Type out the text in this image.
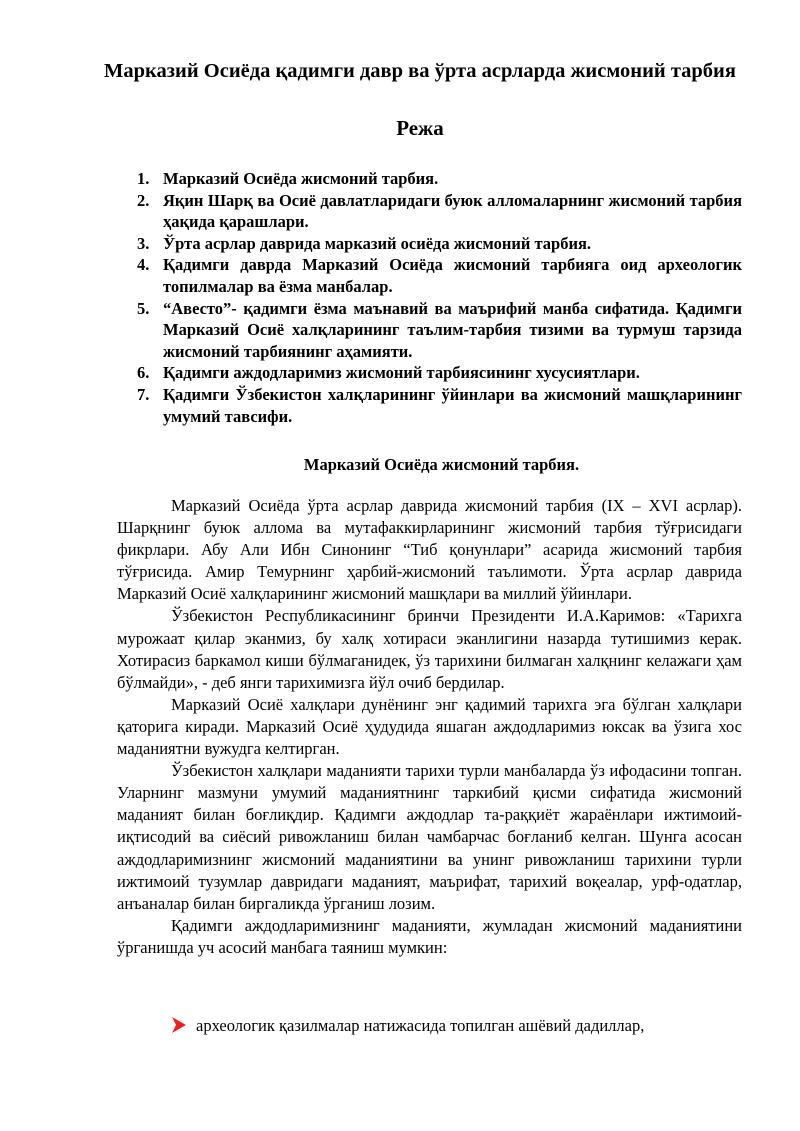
Марказий Осиёда қадимги давр ва ўрта асрларда жисмоний тарбия
Режа
1. Марказий Осиёда жисмоний тарбия.
2. Яқин Шарқ ва Осиё давлатларидаги буюк алломаларнинг жисмоний тарбия ҳақида қарашлари.
3. Ўрта асрлар даврида марказий осиёда жисмоний тарбия.
4. Қадимги даврда Марказий Осиёда жисмоний тарбияга оид археологик топилмалар ва ёзма манбалар.
5. “Авесто”- қадимги ёзма маънавий ва маърифий манба сифатида. Қадимги Марказий Осиё халқларининг таълим-тарбия тизими ва турмуш тарзида жисмоний тарбиянинг аҳамияти.
6. Қадимги аждодларимиз жисмоний тарбиясининг хусусиятлари.
7. Қадимги Ўзбекистон халқларининг ўйинлари ва жисмоний машқларининг умумий тавсифи.
Марказий Осиёда жисмоний тарбия.

Марказий Осиёда ўрта асрлар даврида жисмоний тарбия (IX – XVI асрлар). Шарқнинг буюк аллома ва мутафаккирларининг жисмоний тарбия тўғрисидаги фикрлари. Абу Али Ибн Синонинг “Тиб қонунлари” асарида жисмоний тарбия тўғрисида. Амир Темурнинг ҳарбий-жисмоний таълимоти. Ўрта асрлар даврида Марказий Осиё халқларининг жисмоний машқлари ва миллий ўйинлари.

Ўзбекистон Республикасининг бринчи Президенти И.А.Каримов: «Тарихга мурожаат қилар эканмиз, бу халқ хотираси эканлигини назарда тутишимиз керак. Хотирасиз баркамол киши бўлмаганидек, ўз тарихини билмаган халқнинг келажаги ҳам бўлмайди», - деб янги тарихимизга йўл очиб бердилар.

Марказий Осиё халқлари дунёнинг энг қадимий тарихга эга бўлган халқлари қаторига киради. Марказий Осиё ҳудудида яшаган аждодларимиз юксак ва ўзига хос маданиятни вужудга келтирган.

Ўзбекистон халқлари маданияти тарихи турли манбаларда ўз ифодасини топган. Уларнинг мазмуни умумий маданиятнинг таркибий қисми сифатида жисмоний маданият билан боғлиқдир. Қадимги аждодлар та-раққиёт жараёнлари ижтимоий-иқтисодий ва сиёсий ривожланиш билан чамбарчас боғланиб келган. Шунга асосан аждодларимизнинг жисмоний маданиятини ва унинг ривожланиш тарихини турли ижтимоий тузумлар давридаги маданият, маърифат, тарихий воқеалар, урф-одатлар, анъаналар билан биргаликда ўрганиш лозим.

Қадимги аждодларимизнинг маданияти, жумладан жисмоний маданиятини ўрганишда уч асосий манбага таяниш мумкин:

археологик қазилмалар натижасида топилган ашёвий дадиллар,
